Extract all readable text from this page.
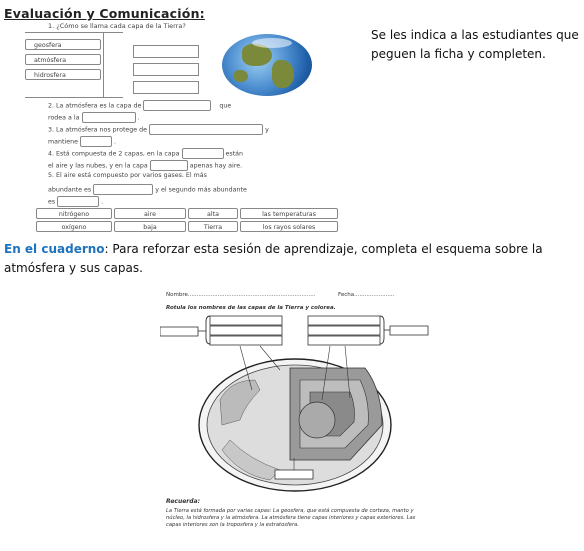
Evaluación y Comunicación:
1. ¿Cómo se llama cada capa de la Tierra?
geosfera
atmósfera
hidrosfera
2. La atmósfera es la capa de	que
rodea a la	.
3. La atmósfera nos protege de	y
mantiene	.
4. Está compuesta de 2 capas, en la capa	están
el aire y las nubes, y en la capa	apenas hay aire.
5. El aire está compuesto por varios gases. El más
abundante es	y el segundo más abundante
es	.
nitrógeno	aire	alta	las temperaturas
oxígeno	baja	Tierra	los rayos solares
Se les indica a las estudiantes que peguen la ficha y completen.
En el cuaderno: Para reforzar esta sesión de aprendizaje, completa el esquema sobre la atmósfera y sus capas.
Nombre.........................................................................	Fecha.......................
Rotula los nombres de las capas de la Tierra y colorea.
Recuerda:
La Tierra está formada por varias capas: La geosfera, que está compuesta de corteza, manto y núcleo, la hidrosfera y la atmósfera. La atmósfera tiene capas interiores y capas exteriores. Las capas interiores son la troposfera y la estratosfera.
